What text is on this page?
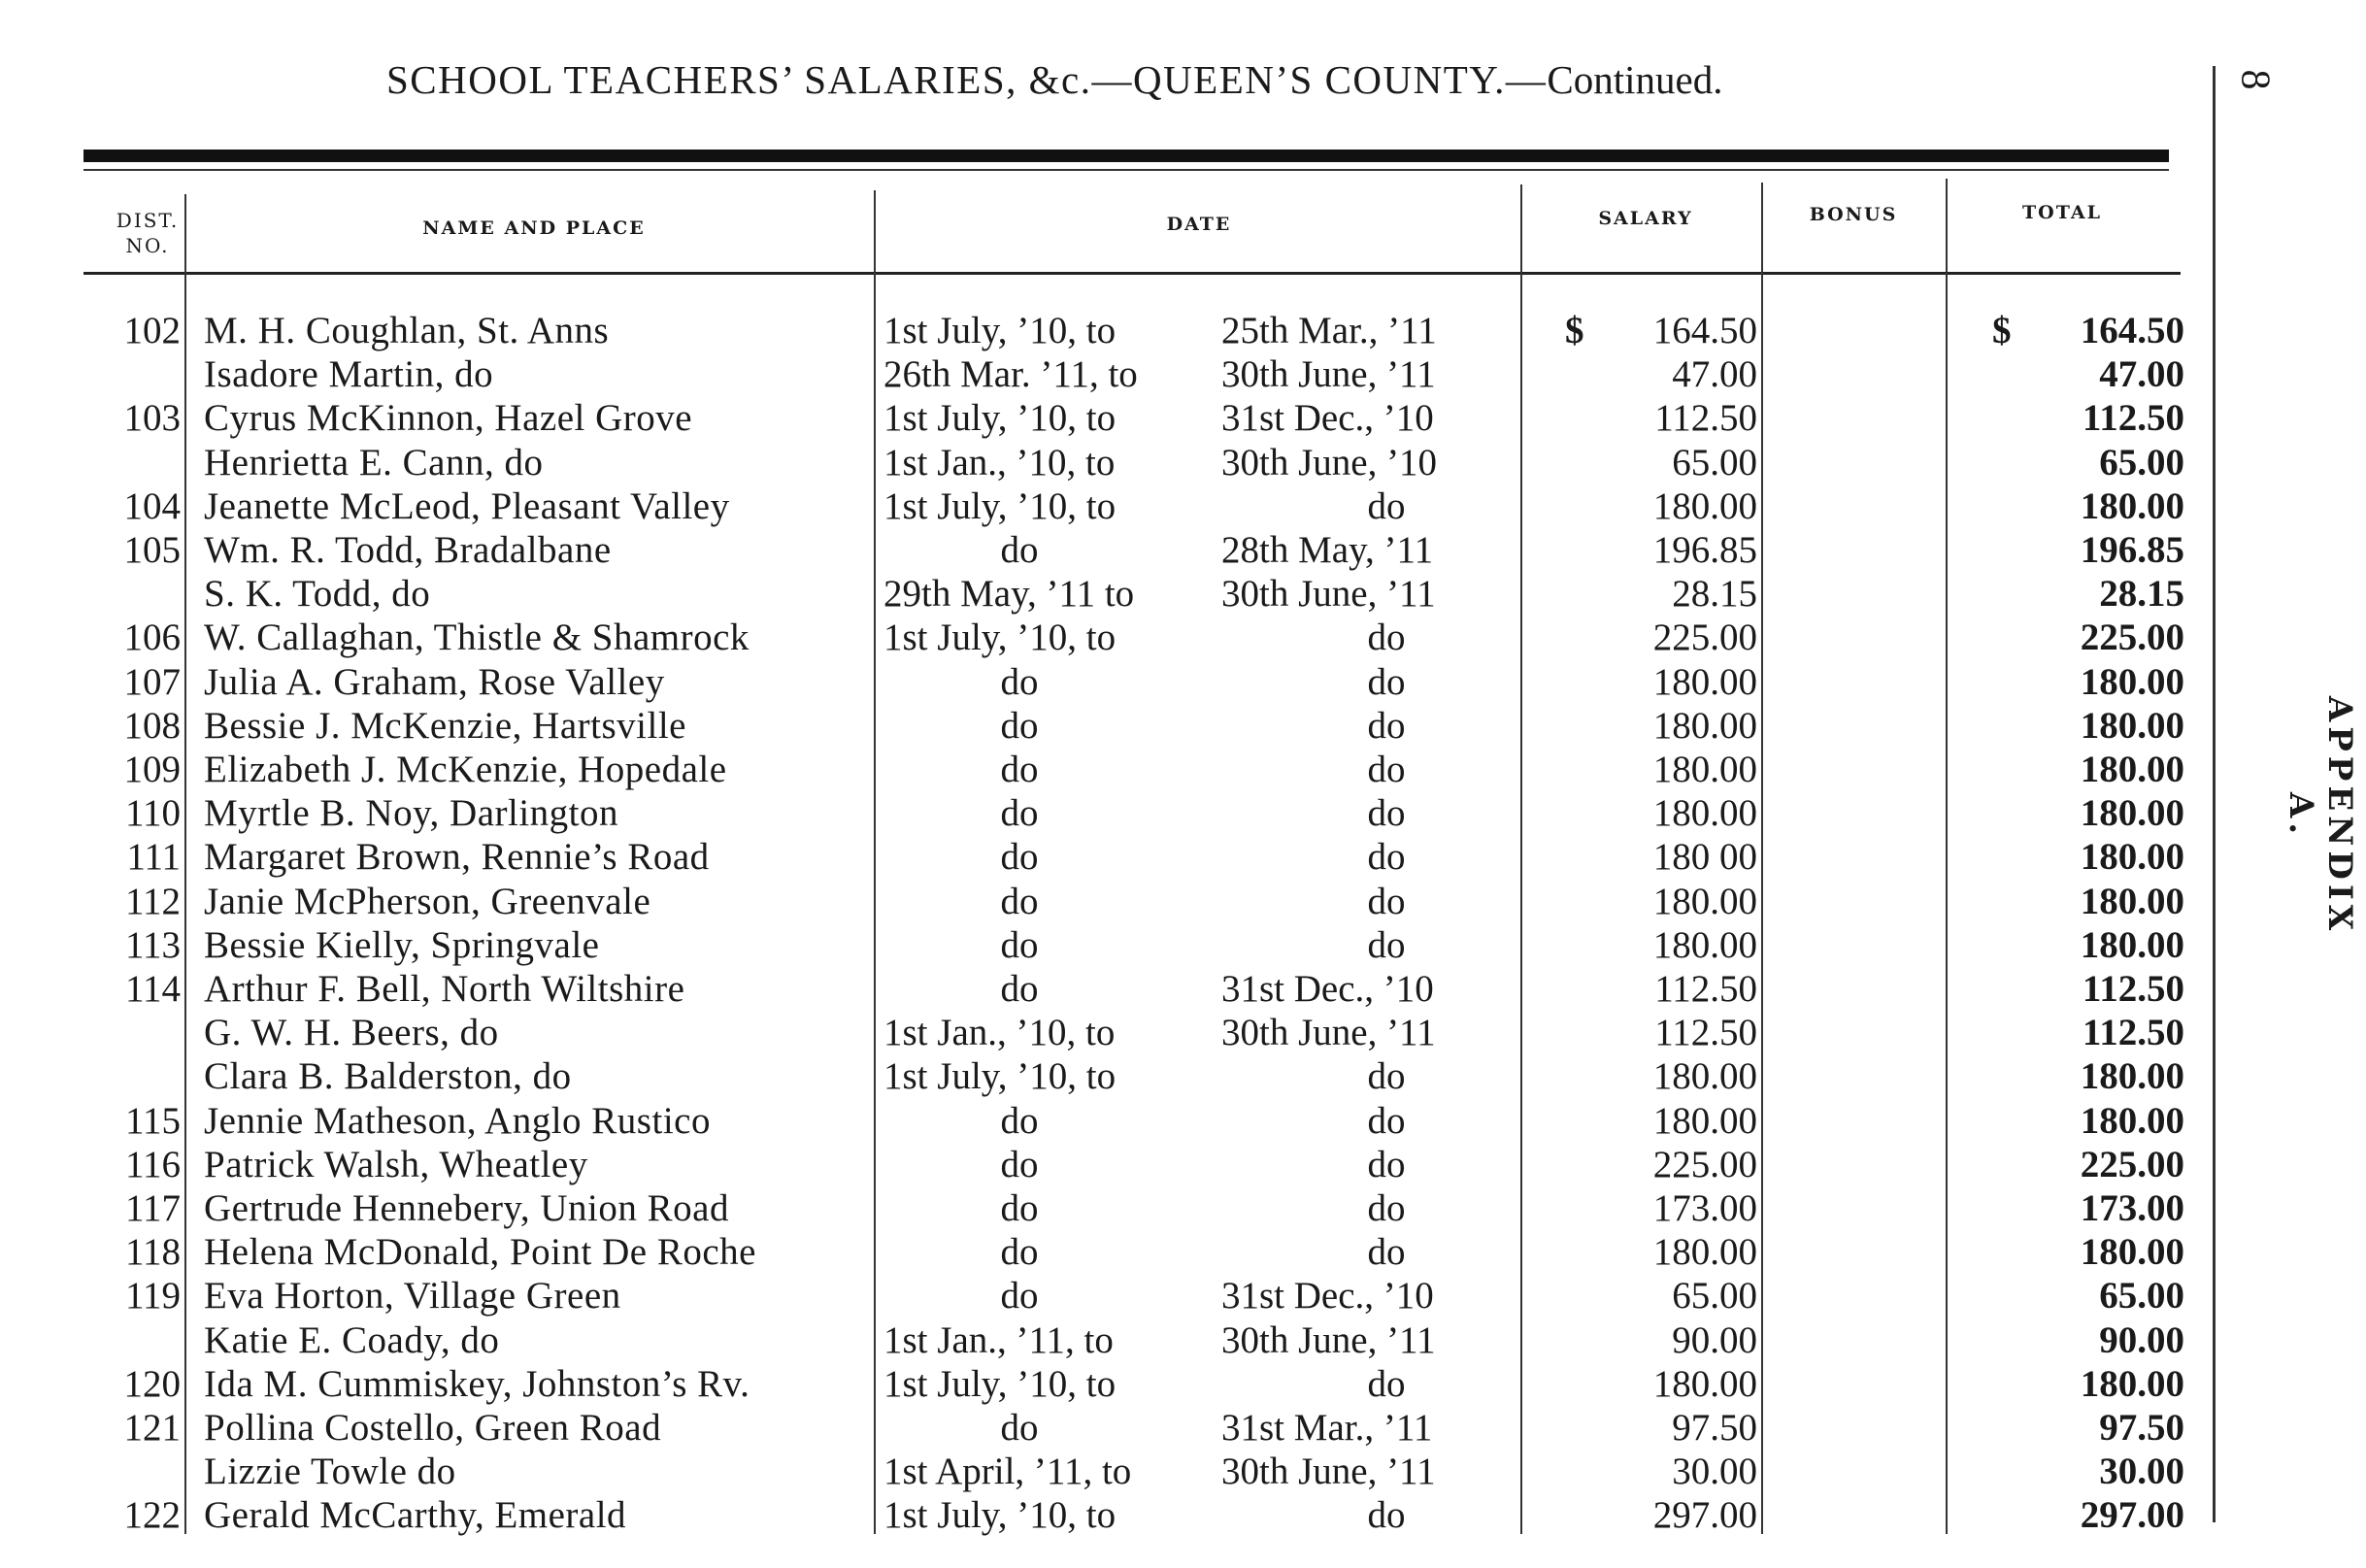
SCHOOL TEACHERS’ SALARIES, &c.—QUEEN’S COUNTY.—Continued.	8
APPENDIX A.
DIST.
NO.
NAME AND PLACE	DATE	SALARY	BONUS	TOTAL
102 M. H. Coughlan, St. Anns	1st July, ’10, to	25th Mar., ’11	164.50	164.50
$	$
Isadore Martin, do	26th Mar. ’11, to	30th June, ’11	47.00	47.00
103 Cyrus McKinnon, Hazel Grove	1st July, ’10, to	31st Dec., ’10	112.50	112.50
Henrietta E. Cann, do	1st Jan., ’10, to	30th June, ’10	65.00	65.00
104 Jeanette McLeod, Pleasant Valley	1st July, ’10, to	do	180.00	180.00
105 Wm. R. Todd, Bradalbane	do	28th May, ’11	196.85	196.85
S. K. Todd, do	29th May, ’11 to	30th June, ’11	28.15	28.15
106 W. Callaghan, Thistle & Shamrock	1st July, ’10, to	do	225.00	225.00
107 Julia A. Graham, Rose Valley	do	do	180.00	180.00
108 Bessie J. McKenzie, Hartsville	do	do	180.00	180.00
109 Elizabeth J. McKenzie, Hopedale	do	do	180.00	180.00
110 Myrtle B. Noy, Darlington	do	do	180.00	180.00
111 Margaret Brown, Rennie’s Road	do	do	180 00	180.00
112 Janie McPherson, Greenvale	do	do	180.00	180.00
113 Bessie Kielly, Springvale	do	do	180.00	180.00
114 Arthur F. Bell, North Wiltshire	do	31st Dec., ’10	112.50	112.50
G. W. H. Beers, do	1st Jan., ’10, to	30th June, ’11	112.50	112.50
Clara B. Balderston, do	1st July, ’10, to	do	180.00	180.00
115 Jennie Matheson, Anglo Rustico	do	do	180.00	180.00
116 Patrick Walsh, Wheatley	do	do	225.00	225.00
117 Gertrude Hennebery, Union Road	do	do	173.00	173.00
118 Helena McDonald, Point De Roche	do	do	180.00	180.00
119 Eva Horton, Village Green	do	31st Dec., ’10	65.00	65.00
Katie E. Coady, do	1st Jan., ’11, to	30th June, ’11	90.00	90.00
120 Ida M. Cummiskey, Johnston’s Rv.	1st July, ’10, to	do	180.00	180.00
121 Pollina Costello, Green Road	do	31st Mar., ’11	97.50	97.50
Lizzie Towle do	1st April, ’11, to	30th June, ’11	30.00	30.00
122 Gerald McCarthy, Emerald	1st July, ’10, to	do	297.00	297.00
